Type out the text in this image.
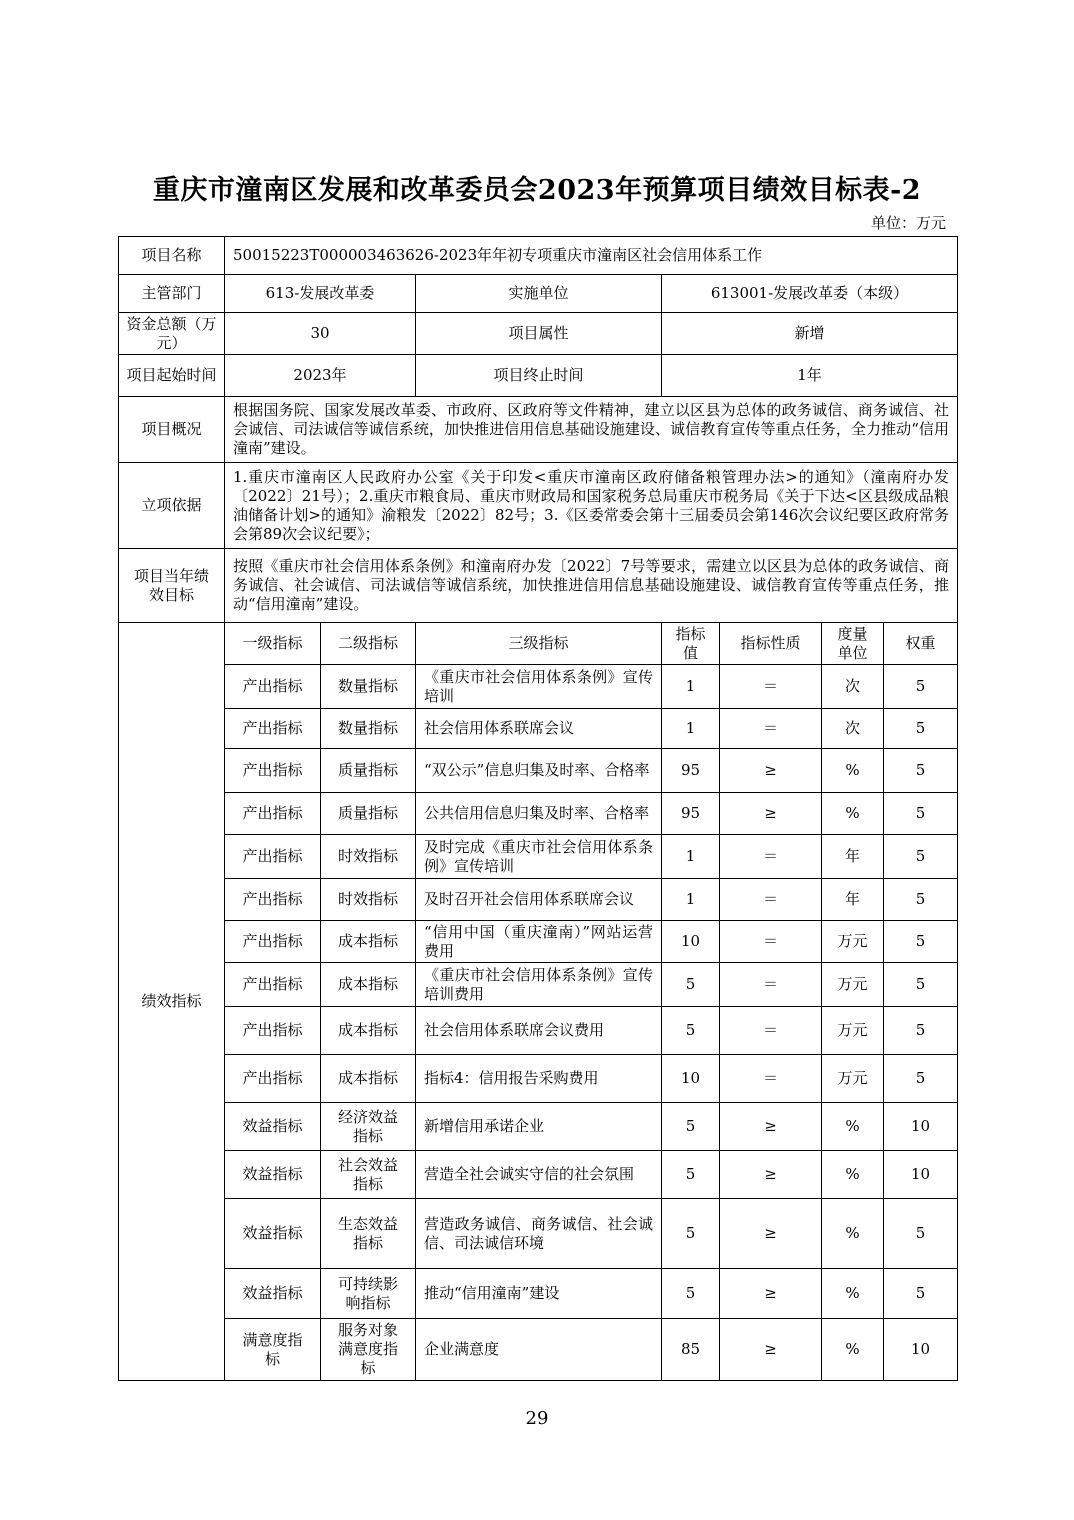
重庆市潼南区发展和改革委员会2023年预算项目绩效目标表-2
单位：万元
项目名称	50015223T000003463626-2023年年初专项重庆市潼南区社会信用体系工作						
主管部门	613-发展改革委		实施单位	613001-发展改革委（本级）			
资金总额（万元）	30		项目属性	新增			
项目起始时间	2023年		项目终止时间	1年			
项目概况	根据国务院、国家发展改革委、市政府、区政府等文件精神，建立以区县为总体的政务诚信、商务诚信、社会诚信、司法诚信等诚信系统，加快推进信用信息基础设施建设、诚信教育宣传等重点任务，全力推动“信用潼南”建设。						
立项依据	1.重庆市潼南区人民政府办公室《关于印发<重庆市潼南区政府储备粮管理办法>的通知》（潼南府办发〔2022〕21号）；2.重庆市粮食局、重庆市财政局和国家税务总局重庆市税务局《关于下达<区县级成品粮油储备计划>的通知》渝粮发〔2022〕82号；3.《区委常委会第十三届委员会第146次会议纪要区政府常务会第89次会议纪要》；						
项目当年绩效目标	按照《重庆市社会信用体系条例》和潼南府办发〔2022〕7号等要求，需建立以区县为总体的政务诚信、商务诚信、社会诚信、司法诚信等诚信系统，加快推进信用信息基础设施建设、诚信教育宣传等重点任务，推动“信用潼南”建设。						
绩效指标	一级指标	二级指标	三级指标	指标值	指标性质	度量单位	权重
	产出指标	数量指标	《重庆市社会信用体系条例》宣传培训	1	＝	次	5
	产出指标	数量指标	社会信用体系联席会议	1	＝	次	5
	产出指标	质量指标	“双公示”信息归集及时率、合格率	95	≥	%	5
	产出指标	质量指标	公共信用信息归集及时率、合格率	95	≥	%	5
	产出指标	时效指标	及时完成《重庆市社会信用体系条例》宣传培训	1	＝	年	5
	产出指标	时效指标	及时召开社会信用体系联席会议	1	＝	年	5
	产出指标	成本指标	“信用中国（重庆潼南）”网站运营费用	10	＝	万元	5
	产出指标	成本指标	《重庆市社会信用体系条例》宣传培训费用	5	＝	万元	5
	产出指标	成本指标	社会信用体系联席会议费用	5	＝	万元	5
	产出指标	成本指标	指标4：信用报告采购费用	10	＝	万元	5
	效益指标	经济效益指标	新增信用承诺企业	5	≥	%	10
	效益指标	社会效益指标	营造全社会诚实守信的社会氛围	5	≥	%	10
	效益指标	生态效益指标	营造政务诚信、商务诚信、社会诚信、司法诚信环境	5	≥	%	5
	效益指标	可持续影响指标	推动“信用潼南”建设	5	≥	%	5
	满意度指标	服务对象满意度指标	企业满意度	85	≥	%	10
29
